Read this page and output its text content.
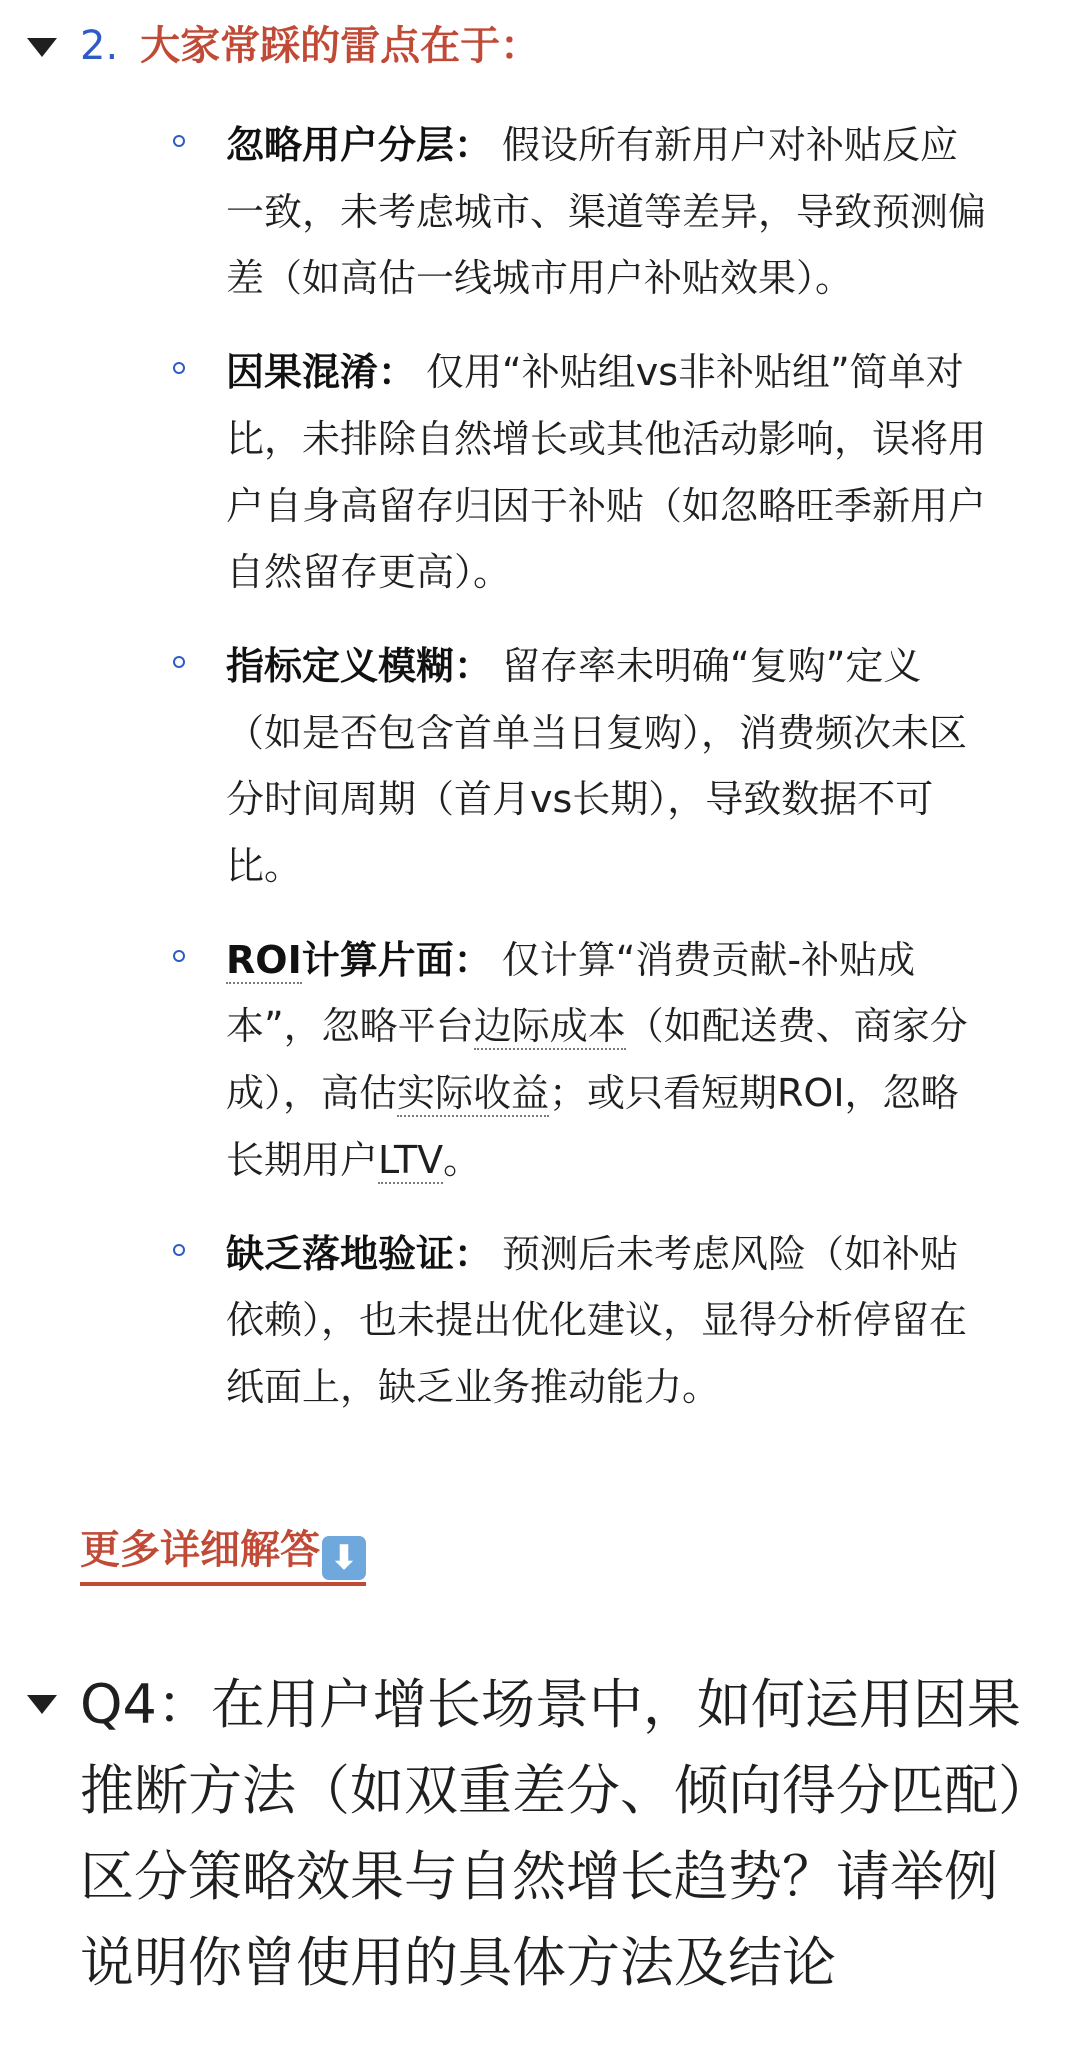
2. 大家常踩的雷点在于：
忽略用户分层： 假设所有新用户对补贴反应一致，未考虑城市、渠道等差异，导致预测偏差（如高估一线城市用户补贴效果）。
因果混淆： 仅用“补贴组vs非补贴组”简单对比，未排除自然增长或其他活动影响，误将用户自身高留存归因于补贴（如忽略旺季新用户自然留存更高）。
指标定义模糊： 留存率未明确“复购”定义（如是否包含首单当日复购），消费频次未区分时间周期（首月vs长期），导致数据不可比。
ROI计算片面： 仅计算“消费贡献-补贴成本”，忽略平台边际成本（如配送费、商家分成），高估实际收益；或只看短期ROI，忽略长期用户LTV。
缺乏落地验证： 预测后未考虑风险（如补贴依赖），也未提出优化建议，显得分析停留在纸面上，缺乏业务推动能力。
更多详细解答 ⬇
Q4：在用户增长场景中，如何运用因果推断方法（如双重差分、倾向得分匹配）区分策略效果与自然增长趋势？请举例说明你曾使用的具体方法及结论
